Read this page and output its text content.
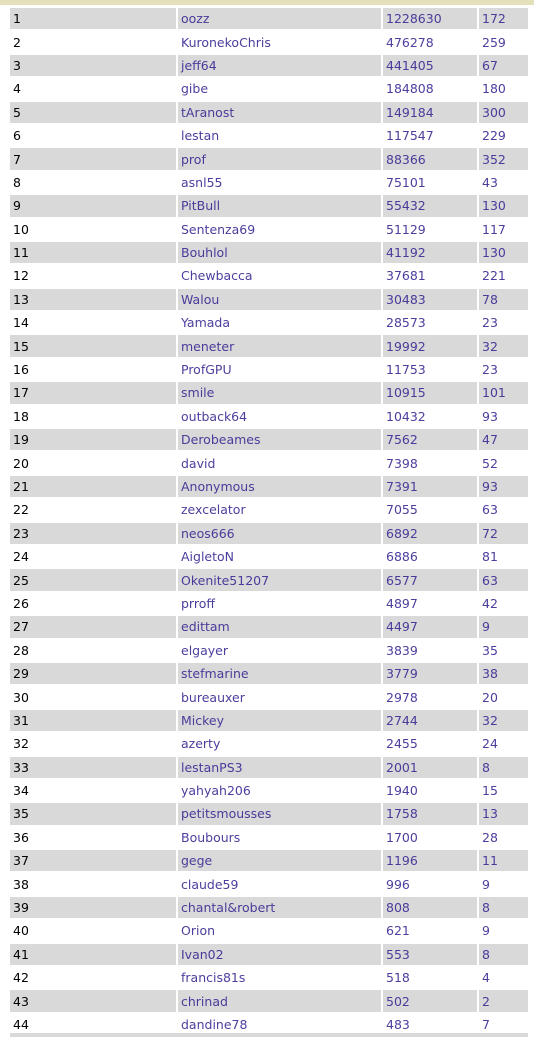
1	oozz	1228630	172
2	KuronekoChris	476278	259
3	jeff64	441405	67
4	gibe	184808	180
5	tAranost	149184	300
6	lestan	117547	229
7	prof	88366	352
8	asnl55	75101	43
9	PitBull	55432	130
10	Sentenza69	51129	117
11	Bouhlol	41192	130
12	Chewbacca	37681	221
13	Walou	30483	78
14	Yamada	28573	23
15	meneter	19992	32
16	ProfGPU	11753	23
17	smile	10915	101
18	outback64	10432	93
19	Derobeames	7562	47
20	david	7398	52
21	Anonymous	7391	93
22	zexcelator	7055	63
23	neos666	6892	72
24	AigletoN	6886	81
25	Okenite51207	6577	63
26	prroff	4897	42
27	edittam	4497	9
28	elgayer	3839	35
29	stefmarine	3779	38
30	bureauxer	2978	20
31	Mickey	2744	32
32	azerty	2455	24
33	lestanPS3	2001	8
34	yahyah206	1940	15
35	petitsmousses	1758	13
36	Boubours	1700	28
37	gege	1196	11
38	claude59	996	9
39	chantal&robert	808	8
40	Orion	621	9
41	Ivan02	553	8
42	francis81s	518	4
43	chrinad	502	2
44	dandine78	483	7
